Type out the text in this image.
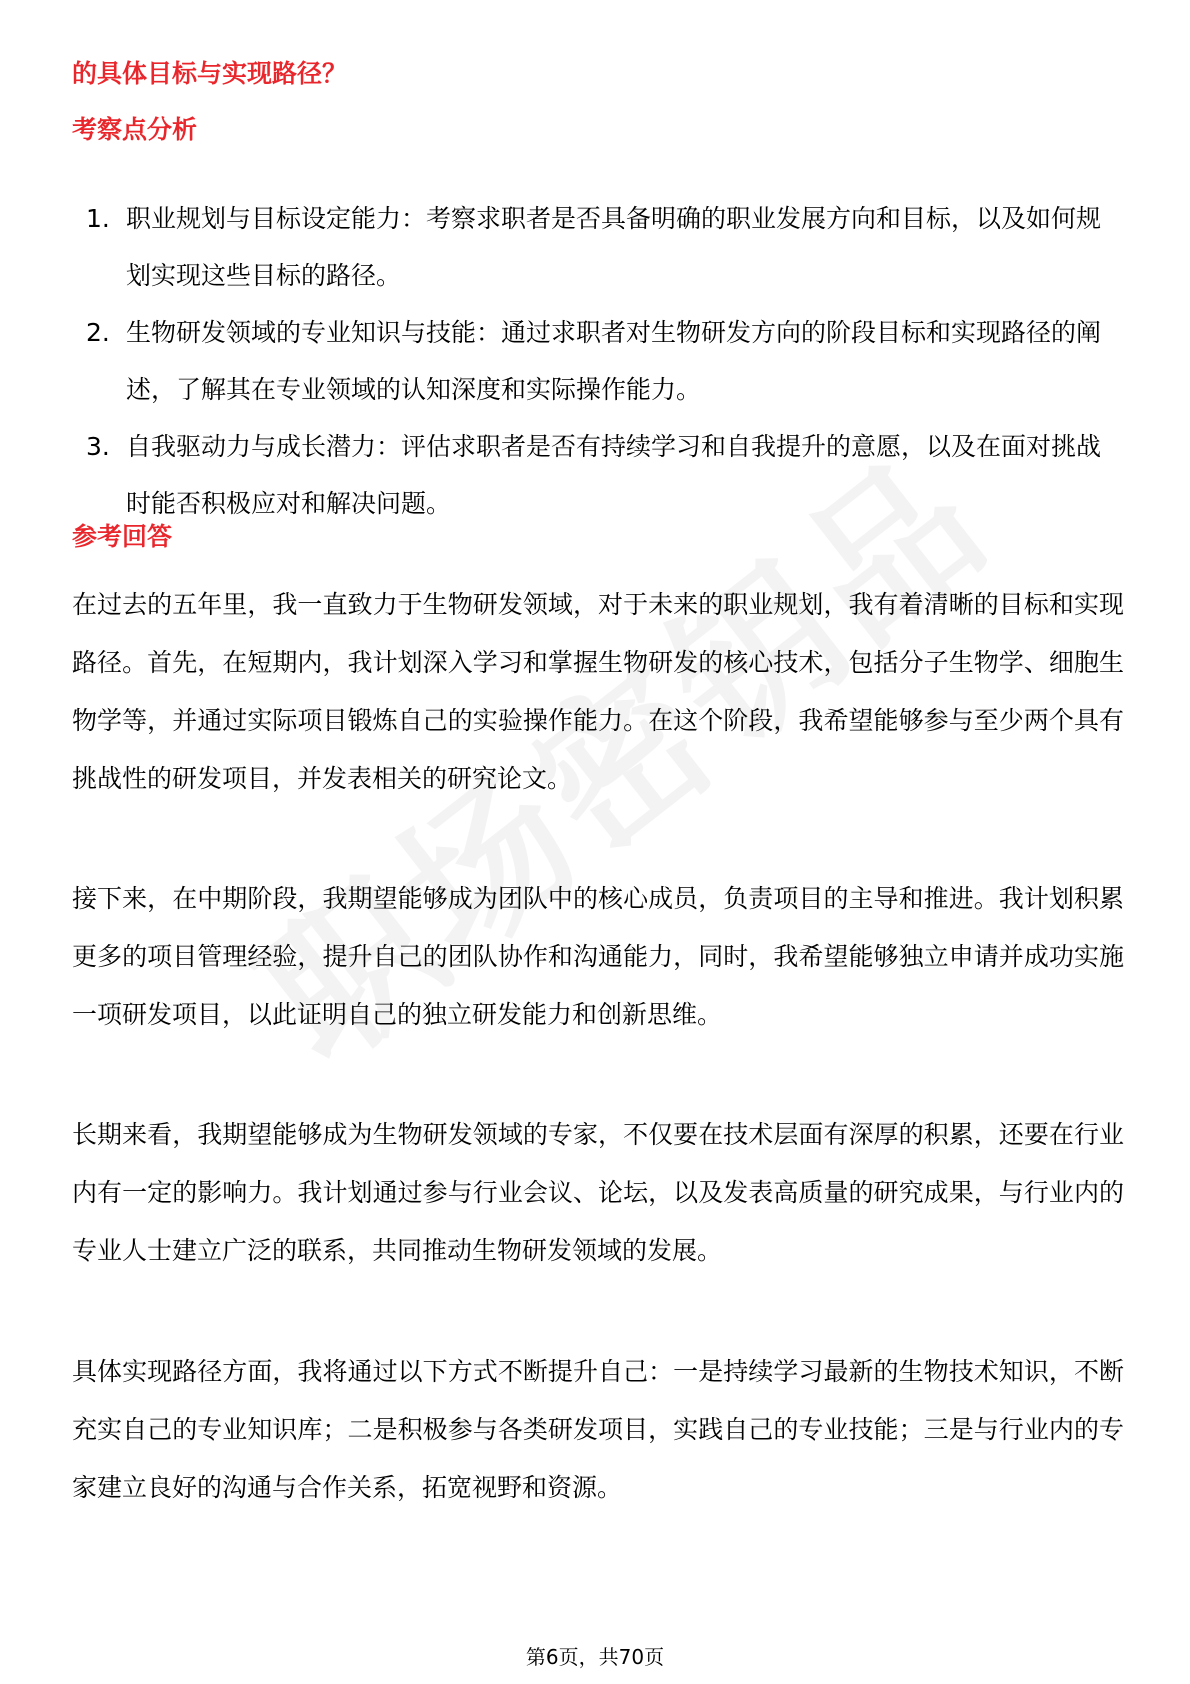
的具体目标与实现路径？
考察点分析
1. 职业规划与目标设定能力：考察求职者是否具备明确的职业发展方向和目标，以及如何规划实现这些目标的路径。
2. 生物研发领域的专业知识与技能：通过求职者对生物研发方向的阶段目标和实现路径的阐述，了解其在专业领域的认知深度和实际操作能力。
3. 自我驱动力与成长潜力：评估求职者是否有持续学习和自我提升的意愿，以及在面对挑战时能否积极应对和解决问题。
参考回答

在过去的五年里，我一直致力于生物研发领域，对于未来的职业规划，我有着清晰的目标和实现路径。首先，在短期内，我计划深入学习和掌握生物研发的核心技术，包括分子生物学、细胞生物学等，并通过实际项目锻炼自己的实验操作能力。在这个阶段，我希望能够参与至少两个具有挑战性的研发项目，并发表相关的研究论文。

接下来，在中期阶段，我期望能够成为团队中的核心成员，负责项目的主导和推进。我计划积累更多的项目管理经验，提升自己的团队协作和沟通能力，同时，我希望能够独立申请并成功实施一项研发项目，以此证明自己的独立研发能力和创新思维。

长期来看，我期望能够成为生物研发领域的专家，不仅要在技术层面有深厚的积累，还要在行业内有一定的影响力。我计划通过参与行业会议、论坛，以及发表高质量的研究成果，与行业内的专业人士建立广泛的联系，共同推动生物研发领域的发展。

具体实现路径方面，我将通过以下方式不断提升自己：一是持续学习最新的生物技术知识，不断充实自己的专业知识库；二是积极参与各类研发项目，实践自己的专业技能；三是与行业内的专家建立良好的沟通与合作关系，拓宽视野和资源。

第6页，共70页
